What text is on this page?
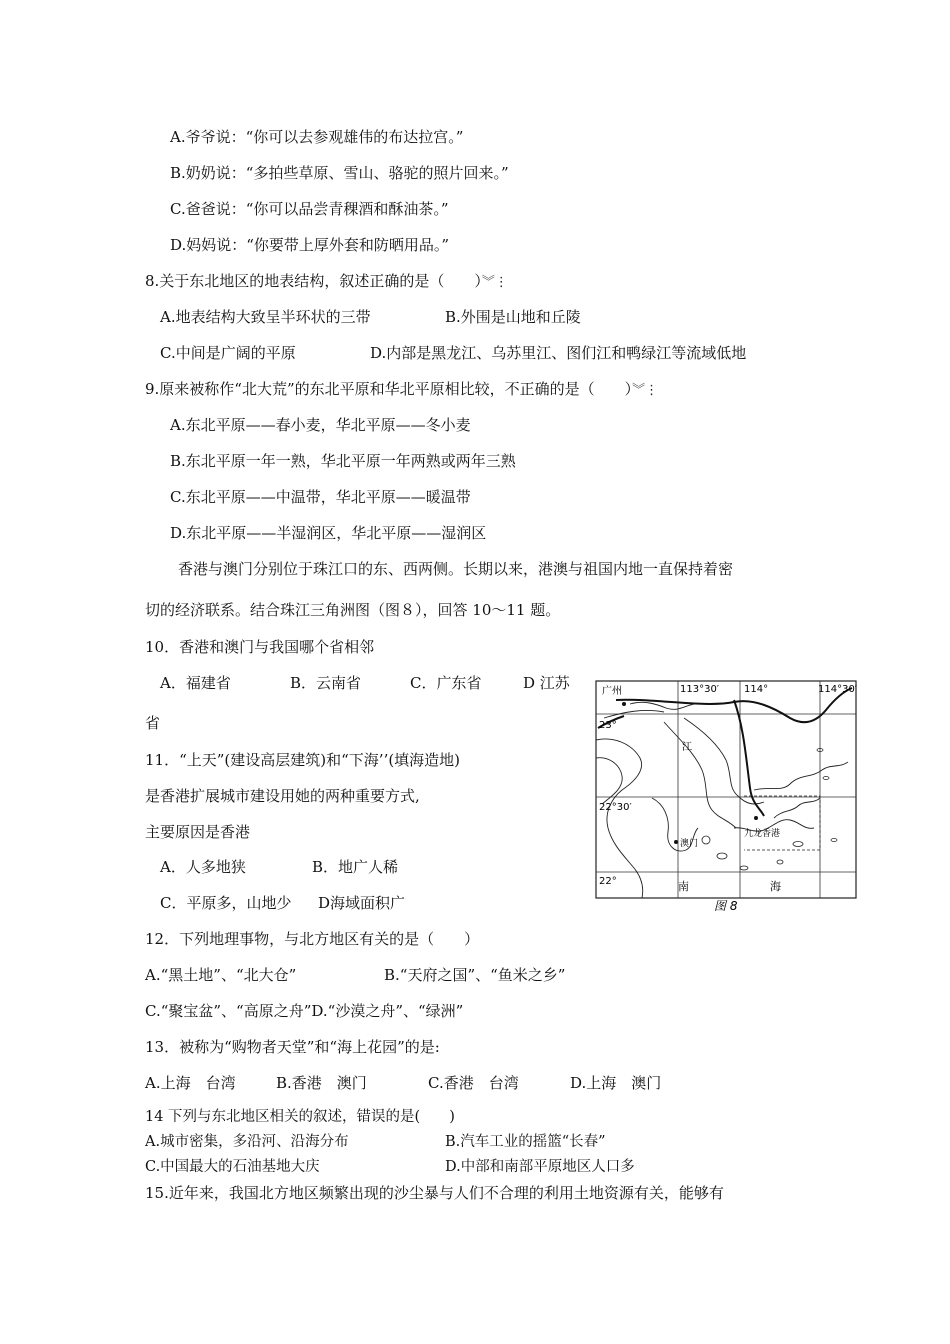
A.爷爷说：“你可以去参观雄伟的布达拉宫。”
B.奶奶说：“多拍些草原、雪山、骆驼的照片回来。”
C.爸爸说：“你可以品尝青稞酒和酥油茶。”
D.妈妈说：“你要带上厚外套和防晒用品。”
8.关于东北地区的地表结构，叙述正确的是（　　）︾⋮
A.地表结构大致呈半环状的三带	B.外围是山地和丘陵
C.中间是广阔的平原	D.内部是黑龙江、乌苏里江、图们江和鸭绿江等流域低地
9.原来被称作“北大荒”的东北平原和华北平原相比较，不正确的是（　　）︾⋮
A.东北平原——春小麦，华北平原——冬小麦
B.东北平原一年一熟，华北平原一年两熟或两年三熟
C.东北平原——中温带，华北平原——暖温带
D.东北平原——半湿润区，华北平原——湿润区
香港与澳门分别位于珠江口的东、西两侧。长期以来，港澳与祖国内地一直保持着密
切的经济联系。结合珠江三角洲图（图８），回答 10～11 题。
10．香港和澳门与我国哪个省相邻
A．福建省	B．云南省	C．广东省	D 江苏
省
11．“上天”(建设高层建筑)和“下海’’(填海造地)
是香港扩展城市建设用她的两种重要方式,
主要原因是香港
A．人多地狭	B．地广人稀
C．平原多，山地少 D海域面积广
广州	113°30′ 114°	114°30′
23°
22°30′
22°
江
澳门
九龙 香港
南	海
图 8
12．下列地理事物，与北方地区有关的是（　　）
A.“黑土地”、“北大仓”	B.“天府之国”、“鱼米之乡”
C.“聚宝盆”、“高原之舟”D.“沙漠之舟”、“绿洲”
13．被称为“购物者天堂”和“海上花园”的是:
A.上海　台湾	B.香港　澳门	C.香港　台湾	D.上海　澳门
14 下列与东北地区相关的叙述，错误的是(　　)
A.城市密集，多沿河、沿海分布	B.汽车工业的摇篮“长春”
C.中国最大的石油基地大庆	D.中部和南部平原地区人口多
15.近年来，我国北方地区频繁出现的沙尘暴与人们不合理的利用土地资源有关，能够有
